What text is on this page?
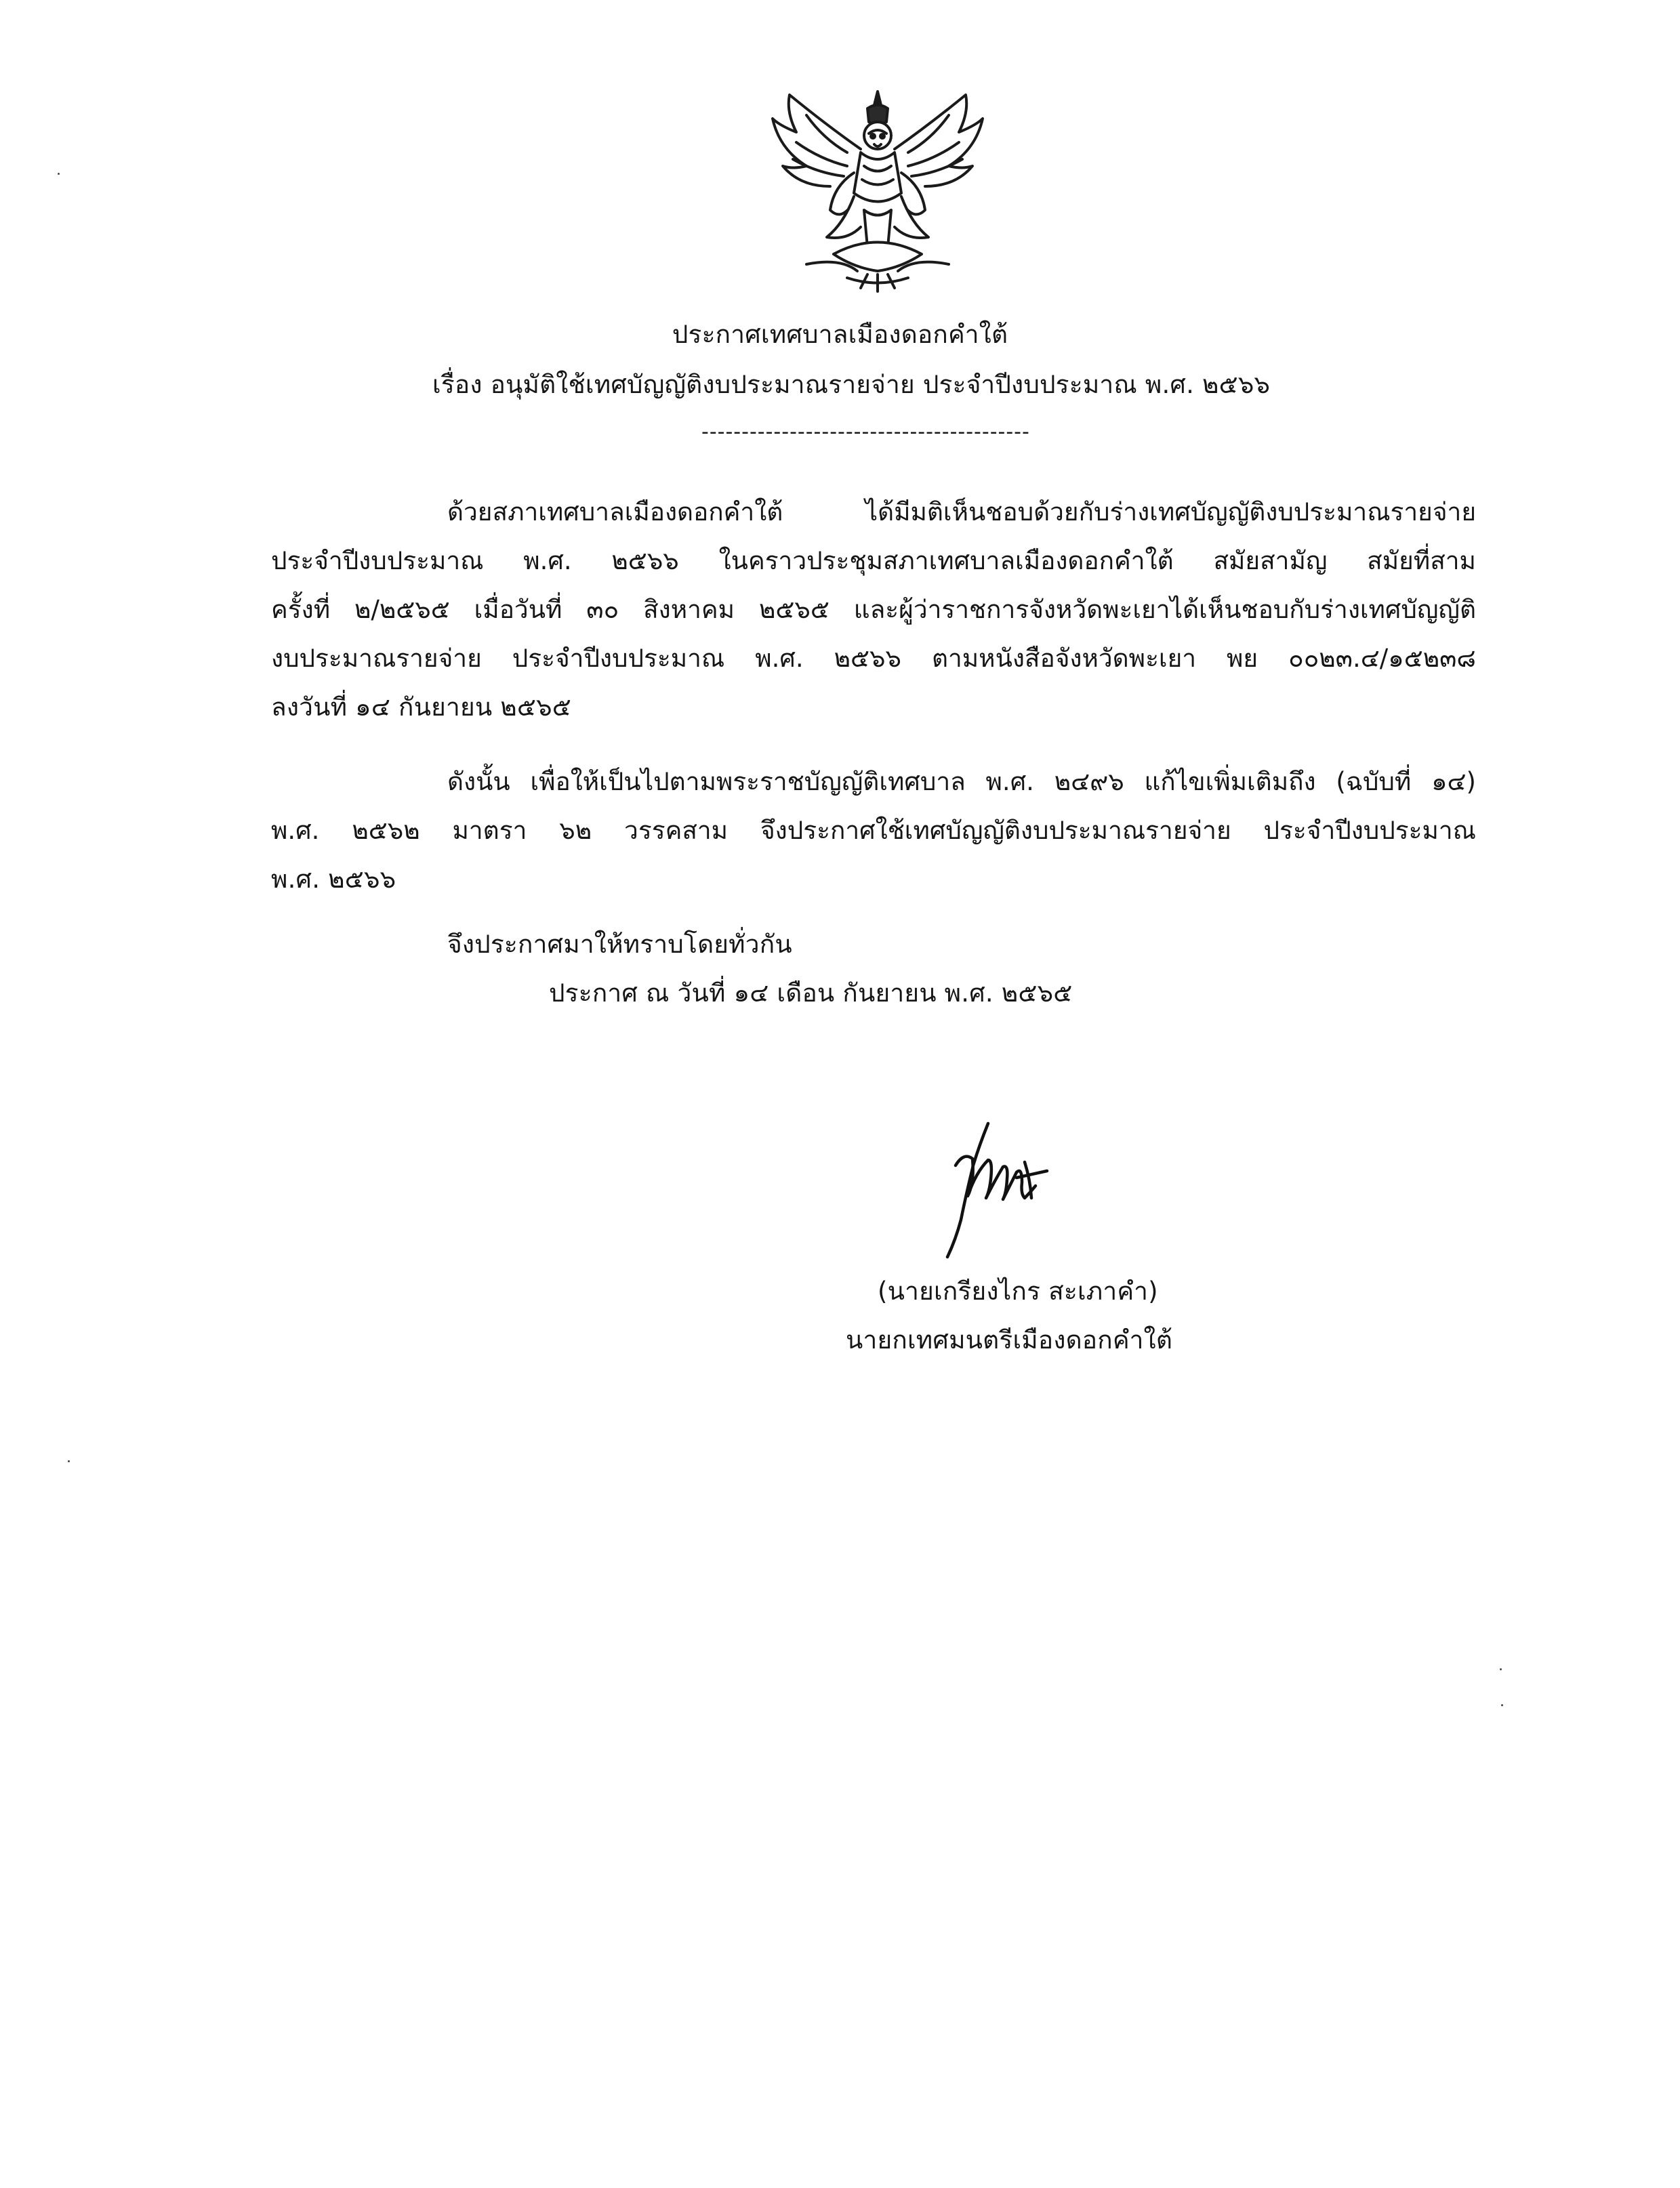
ประกาศเทศบาลเมืองดอกคำใต้
เรื่อง อนุมัติใช้เทศบัญญัติงบประมาณรายจ่าย ประจำปีงบประมาณ พ.ศ. ๒๕๖๖
-----------------------------------------
ด้วยสภาเทศบาลเมืองดอกคำใต้	ได้มีมติเห็นชอบด้วยกับร่างเทศบัญญัติงบประมาณรายจ่าย
ประจำปีงบประมาณ พ.ศ. ๒๕๖๖ ในคราวประชุมสภาเทศบาลเมืองดอกคำใต้ สมัยสามัญ สมัยที่สาม
ครั้งที่ ๒/๒๕๖๕ เมื่อวันที่ ๓๐ สิงหาคม ๒๕๖๕ และผู้ว่าราชการจังหวัดพะเยาได้เห็นชอบกับร่างเทศบัญญัติ
งบประมาณรายจ่าย ประจำปีงบประมาณ พ.ศ. ๒๕๖๖ ตามหนังสือจังหวัดพะเยา พย ๐๐๒๓.๔/๑๕๒๓๘
ลงวันที่ ๑๔ กันยายน ๒๕๖๕
ดังนั้น เพื่อให้เป็นไปตามพระราชบัญญัติเทศบาล พ.ศ. ๒๔๙๖ แก้ไขเพิ่มเติมถึง (ฉบับที่ ๑๔)
พ.ศ. ๒๕๖๒ มาตรา ๖๒ วรรคสาม จึงประกาศใช้เทศบัญญัติงบประมาณรายจ่าย ประจำปีงบประมาณ
พ.ศ. ๒๕๖๖
จึงประกาศมาให้ทราบโดยทั่วกัน
ประกาศ ณ วันที่ ๑๔ เดือน กันยายน พ.ศ. ๒๕๖๕
(นายเกรียงไกร สะเภาคำ)
นายกเทศมนตรีเมืองดอกคำใต้
